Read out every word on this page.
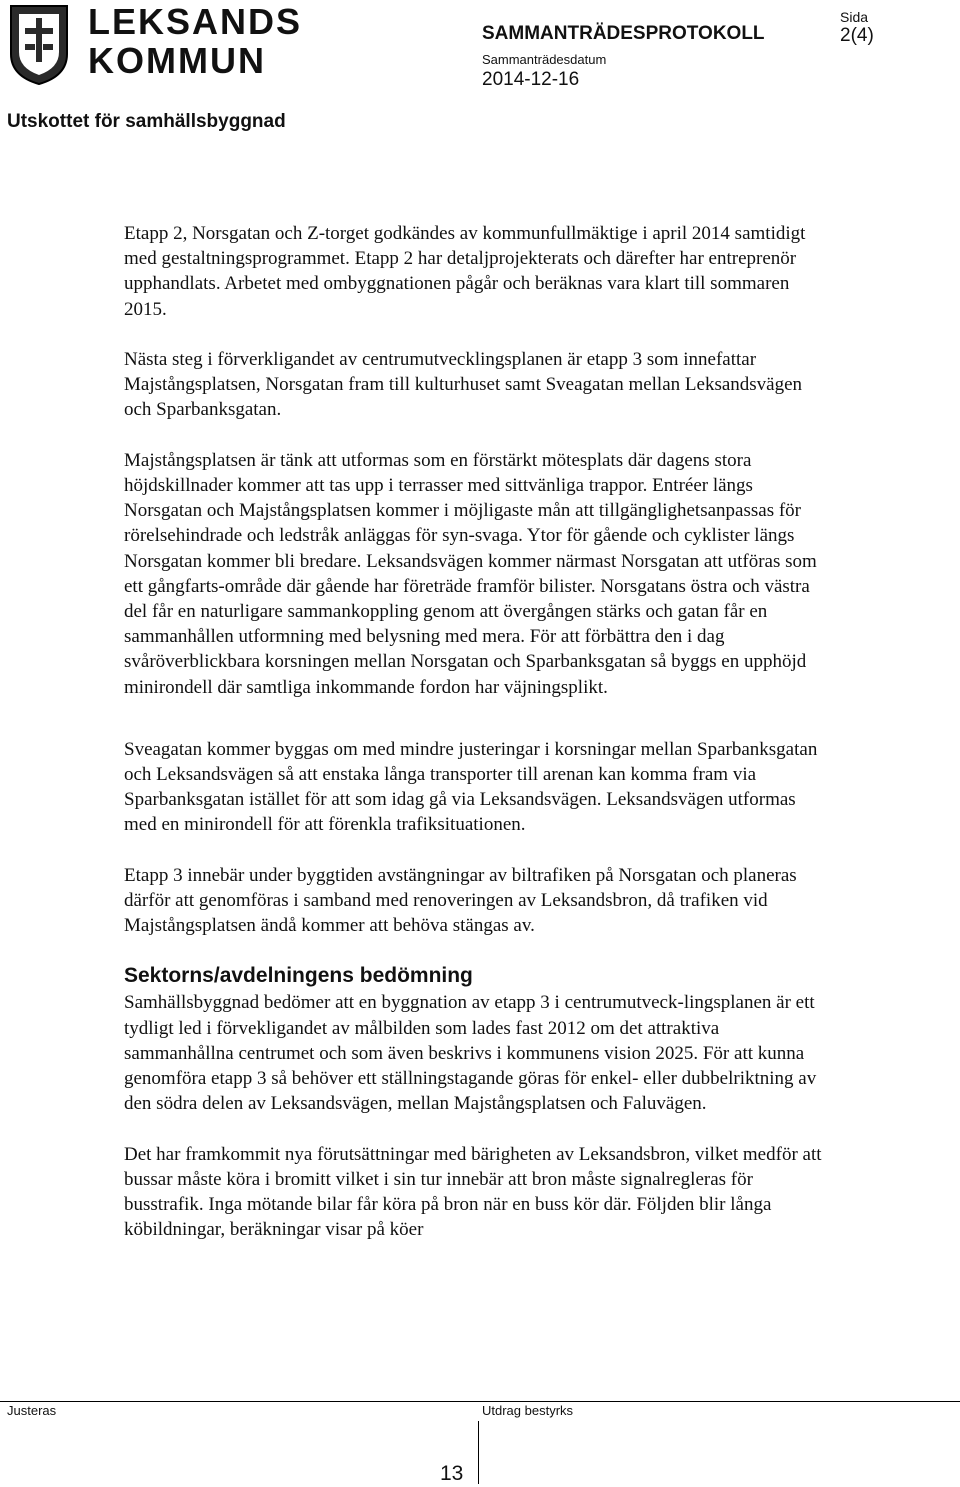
LEKSANDS
KOMMUN
SAMMANTRÄDESPROTOKOLL
Sida
2(4)
Sammanträdesdatum
2014-12-16
Utskottet för samhällsbyggnad

Etapp 2, Norsgatan och Z-torget godkändes av kommunfullmäktige i april 2014 samtidigt med gestaltningsprogrammet. Etapp 2 har detaljprojekterats och därefter har entreprenör upphandlats. Arbetet med ombyggnationen pågår och beräknas vara klart till sommaren 2015.

Nästa steg i förverkligandet av centrumutvecklingsplanen är etapp 3 som innefattar Majstångsplatsen, Norsgatan fram till kulturhuset samt Sveagatan mellan Leksandsvägen och Sparbanksgatan.

Majstångsplatsen är tänk att utformas som en förstärkt mötesplats där dagens stora höjdskillnader kommer att tas upp i terrasser med sittvänliga trappor. Entréer längs Norsgatan och Majstångsplatsen kommer i möjligaste mån att tillgänglighetsanpassas för rörelsehindrade och ledstråk anläggas för syn-svaga. Ytor för gående och cyklister längs Norsgatan kommer bli bredare. Leksandsvägen kommer närmast Norsgatan att utföras som ett gångfarts-område där gående har företräde framför bilister. Norsgatans östra och västra del får en naturligare sammankoppling genom att övergången stärks och gatan får en sammanhållen utformning med belysning med mera. För att förbättra den i dag svåröverblickbara korsningen mellan Norsgatan och Sparbanksgatan så byggs en upphöjd minirondell där samtliga inkommande fordon har väjningsplikt.

Sveagatan kommer byggas om med mindre justeringar i korsningar mellan Sparbanksgatan och Leksandsvägen så att enstaka långa transporter till arenan kan komma fram via Sparbanksgatan istället för att som idag gå via Leksandsvägen. Leksandsvägen utformas med en minirondell för att förenkla trafiksituationen.

Etapp 3 innebär under byggtiden avstängningar av biltrafiken på Norsgatan och planeras därför att genomföras i samband med renoveringen av Leksandsbron, då trafiken vid Majstångsplatsen ändå kommer att behöva stängas av.

Sektorns/avdelningens bedömning

Samhällsbyggnad bedömer att en byggnation av etapp 3 i centrumutveck-lingsplanen är ett tydligt led i förvekligandet av målbilden som lades fast 2012 om det attraktiva sammanhållna centrumet och som även beskrivs i kommunens vision 2025. För att kunna genomföra etapp 3 så behöver ett ställningstagande göras för enkel- eller dubbelriktning av den södra delen av Leksandsvägen, mellan Majstångsplatsen och Faluvägen.

Det har framkommit nya förutsättningar med bärigheten av Leksandsbron, vilket medför att bussar måste köra i bromitt vilket i sin tur innebär att bron måste signalregleras för busstrafik. Inga mötande bilar får köra på bron när en buss kör där. Följden blir långa köbildningar, beräkningar visar på köer

Justeras	Utdrag bestyrks
13
